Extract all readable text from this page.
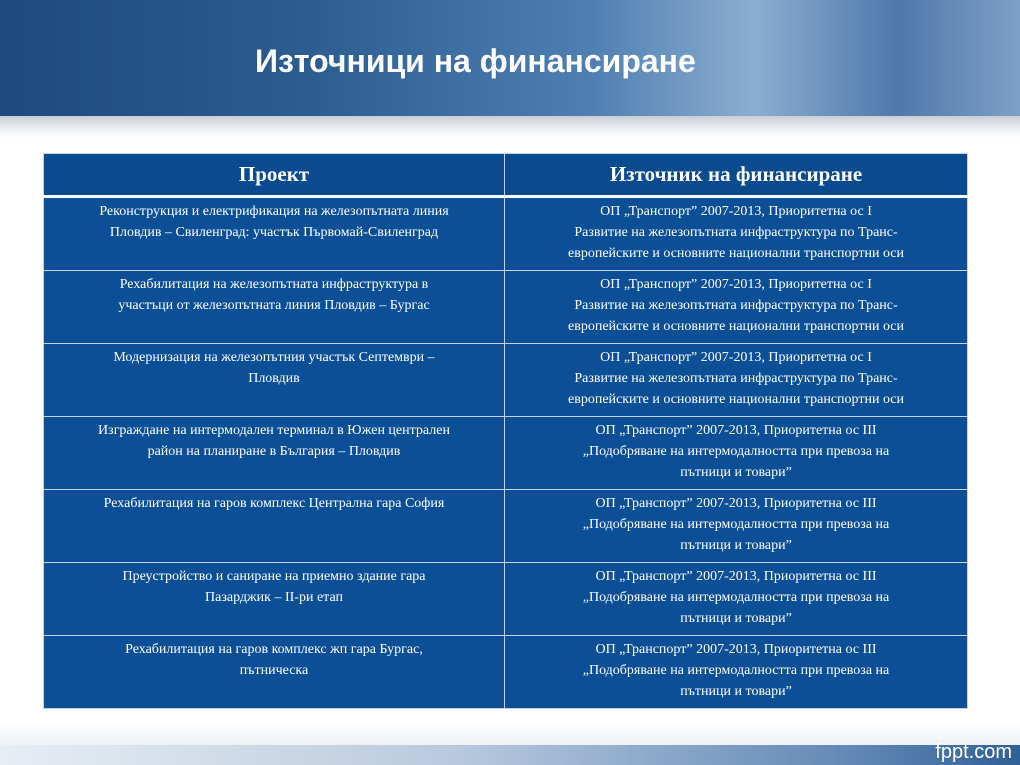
Източници на финансиране
Проект	Източник на финансиране

Реконструкция и електрификация на железопътната линия
Пловдив – Свиленград: участък Първомай-Свиленград	ОП „Транспорт” 2007-2013, Приоритетна ос I
Развитие на железопътната инфраструктура по Транс-
европейските и основните национални транспортни оси

Рехабилитация на железопътната инфраструктура в
участъци от железопътната линия Пловдив – Бургас	ОП „Транспорт” 2007-2013, Приоритетна ос I
Развитие на железопътната инфраструктура по Транс-
европейските и основните национални транспортни оси

Модернизация на железопътния участък Септември –
Пловдив	ОП „Транспорт” 2007-2013, Приоритетна ос I
Развитие на железопътната инфраструктура по Транс-
европейските и основните национални транспортни оси

Изграждане на интермодален терминал в Южен централен
район на планиране в България – Пловдив	ОП „Транспорт” 2007-2013, Приоритетна ос III
„Подобряване на интермодалността при превоза на
пътници и товари”

Рехабилитация на гаров комплекс Централна гара София	ОП „Транспорт” 2007-2013, Приоритетна ос III
„Подобряване на интермодалността при превоза на
пътници и товари”

Преустройство и саниране на приемно здание гара
Пазарджик – II-ри етап	ОП „Транспорт” 2007-2013, Приоритетна ос III
„Подобряване на интермодалността при превоза на
пътници и товари”

Рехабилитация на гаров комплекс жп гара Бургас,
пътническа	ОП „Транспорт” 2007-2013, Приоритетна ос III
„Подобряване на интермодалността при превоза на
пътници и товари”
fppt.com
